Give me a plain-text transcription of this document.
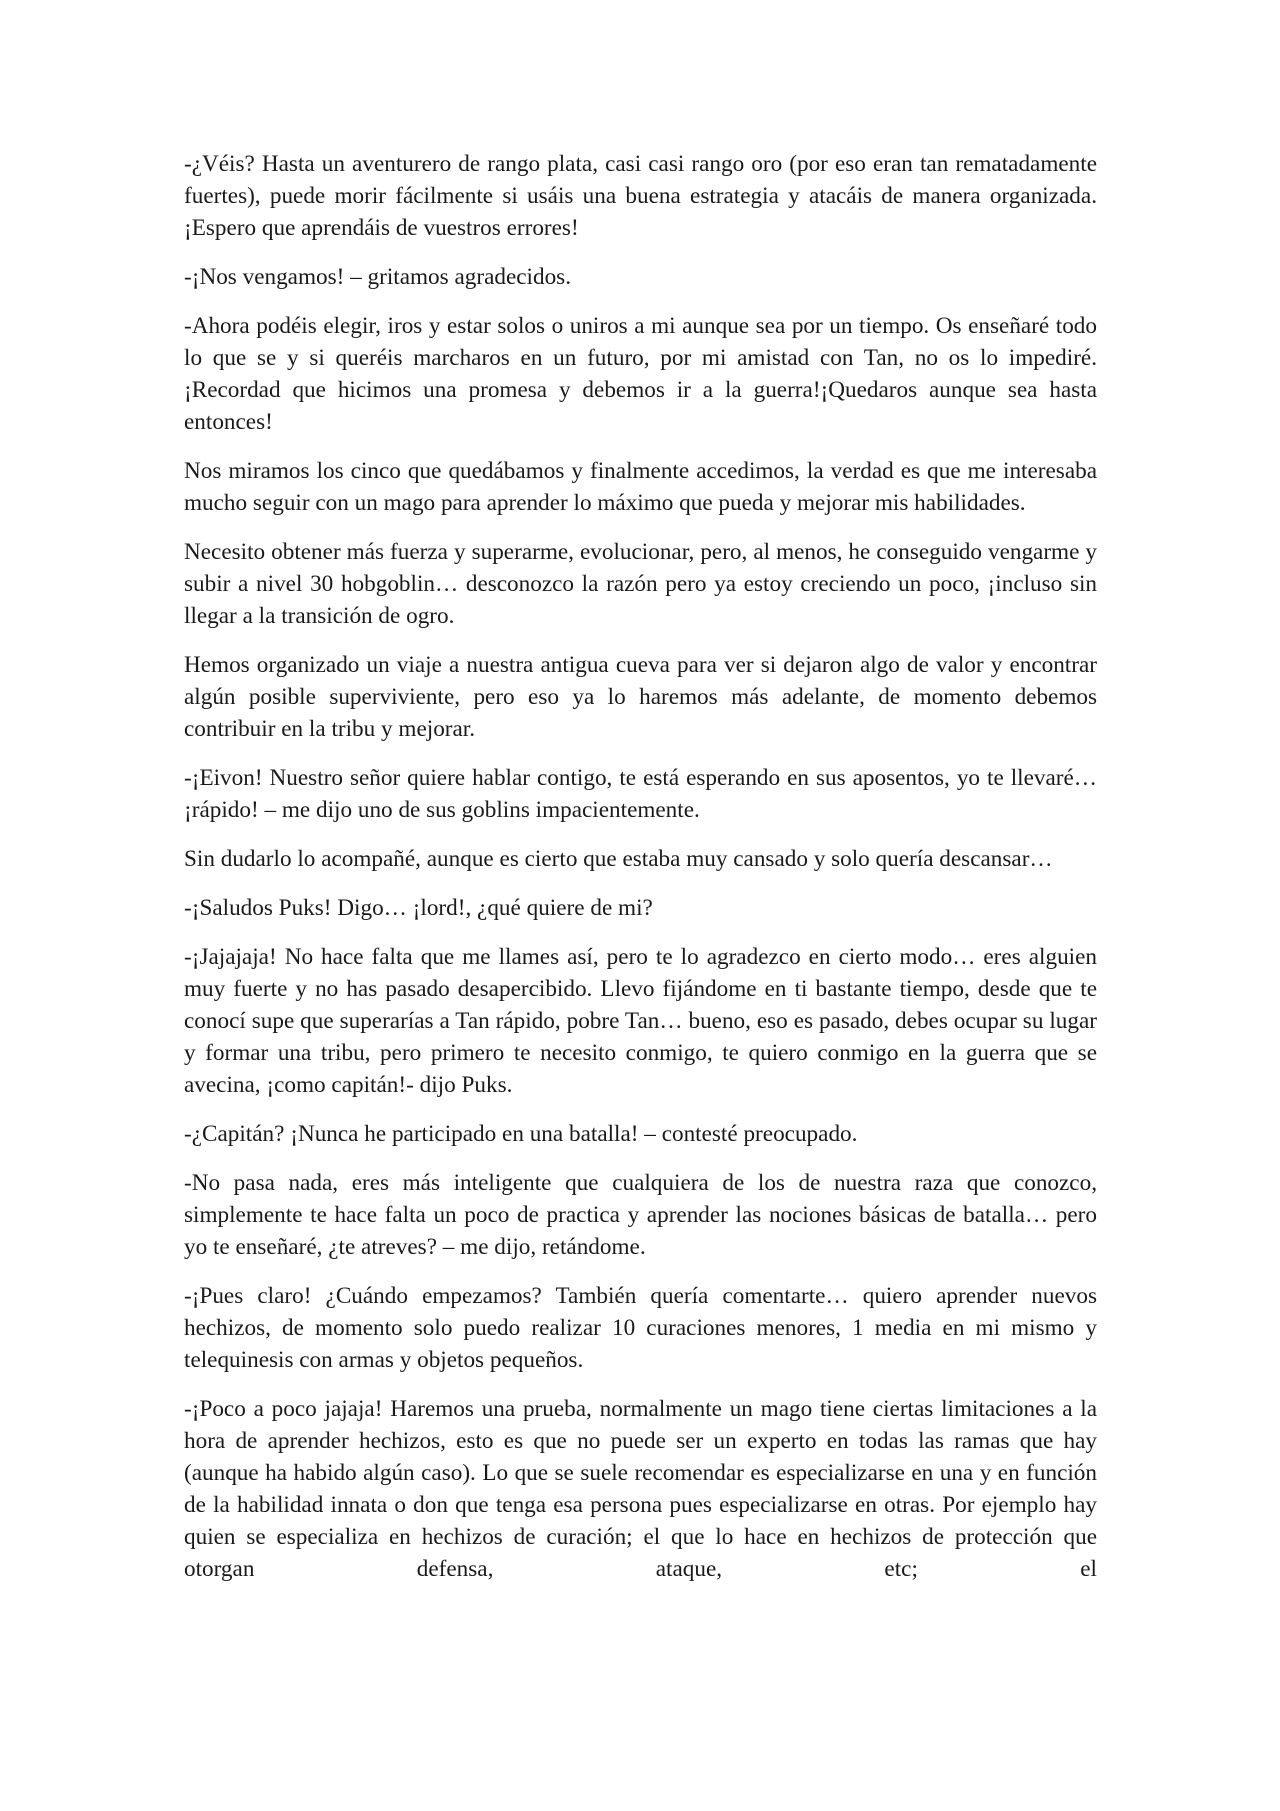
-¿Véis? Hasta un aventurero de rango plata, casi casi rango oro (por eso eran tan rematadamente fuertes), puede morir fácilmente si usáis una buena estrategia y atacáis de manera organizada. ¡Espero que aprendáis de vuestros errores!

-¡Nos vengamos! – gritamos agradecidos.

-Ahora podéis elegir, iros y estar solos o uniros a mi aunque sea por un tiempo. Os enseñaré todo lo que se y si queréis marcharos en un futuro, por mi amistad con Tan, no os lo impediré. ¡Recordad que hicimos una promesa y debemos ir a la guerra!¡Quedaros aunque sea hasta entonces!

Nos miramos los cinco que quedábamos y finalmente accedimos, la verdad es que me interesaba mucho seguir con un mago para aprender lo máximo que pueda y mejorar mis habilidades.

Necesito obtener más fuerza y superarme, evolucionar, pero, al menos, he conseguido vengarme y subir a nivel 30 hobgoblin… desconozco la razón pero ya estoy creciendo un poco, ¡incluso sin llegar a la transición de ogro.

Hemos organizado un viaje a nuestra antigua cueva para ver si dejaron algo de valor y encontrar algún posible superviviente, pero eso ya lo haremos más adelante, de momento debemos contribuir en la tribu y mejorar.

-¡Eivon! Nuestro señor quiere hablar contigo, te está esperando en sus aposentos, yo te llevaré… ¡rápido! – me dijo uno de sus goblins impacientemente.

Sin dudarlo lo acompañé, aunque es cierto que estaba muy cansado y solo quería descansar…

-¡Saludos Puks! Digo… ¡lord!, ¿qué quiere de mi?

-¡Jajajaja! No hace falta que me llames así, pero te lo agradezco en cierto modo… eres alguien muy fuerte y no has pasado desapercibido. Llevo fijándome en ti bastante tiempo, desde que te conocí supe que superarías a Tan rápido, pobre Tan… bueno, eso es pasado, debes ocupar su lugar y formar una tribu, pero primero te necesito conmigo, te quiero conmigo en la guerra que se avecina, ¡como capitán!- dijo Puks.

-¿Capitán? ¡Nunca he participado en una batalla! – contesté preocupado.

-No pasa nada, eres más inteligente que cualquiera de los de nuestra raza que conozco, simplemente te hace falta un poco de practica y aprender las nociones básicas de batalla… pero yo te enseñaré, ¿te atreves? – me dijo, retándome.

-¡Pues claro! ¿Cuándo empezamos? También quería comentarte… quiero aprender nuevos hechizos, de momento solo puedo realizar 10 curaciones menores, 1 media en mi mismo y telequinesis con armas y objetos pequeños.

-¡Poco a poco jajaja! Haremos una prueba, normalmente un mago tiene ciertas limitaciones a la hora de aprender hechizos, esto es que no puede ser un experto en todas las ramas que hay (aunque ha habido algún caso). Lo que se suele recomendar es especializarse en una y en función de la habilidad innata o don que tenga esa persona pues especializarse en otras. Por ejemplo hay quien se especializa en hechizos de curación; el que lo hace en hechizos de protección que otorgan defensa, ataque, etc; el
